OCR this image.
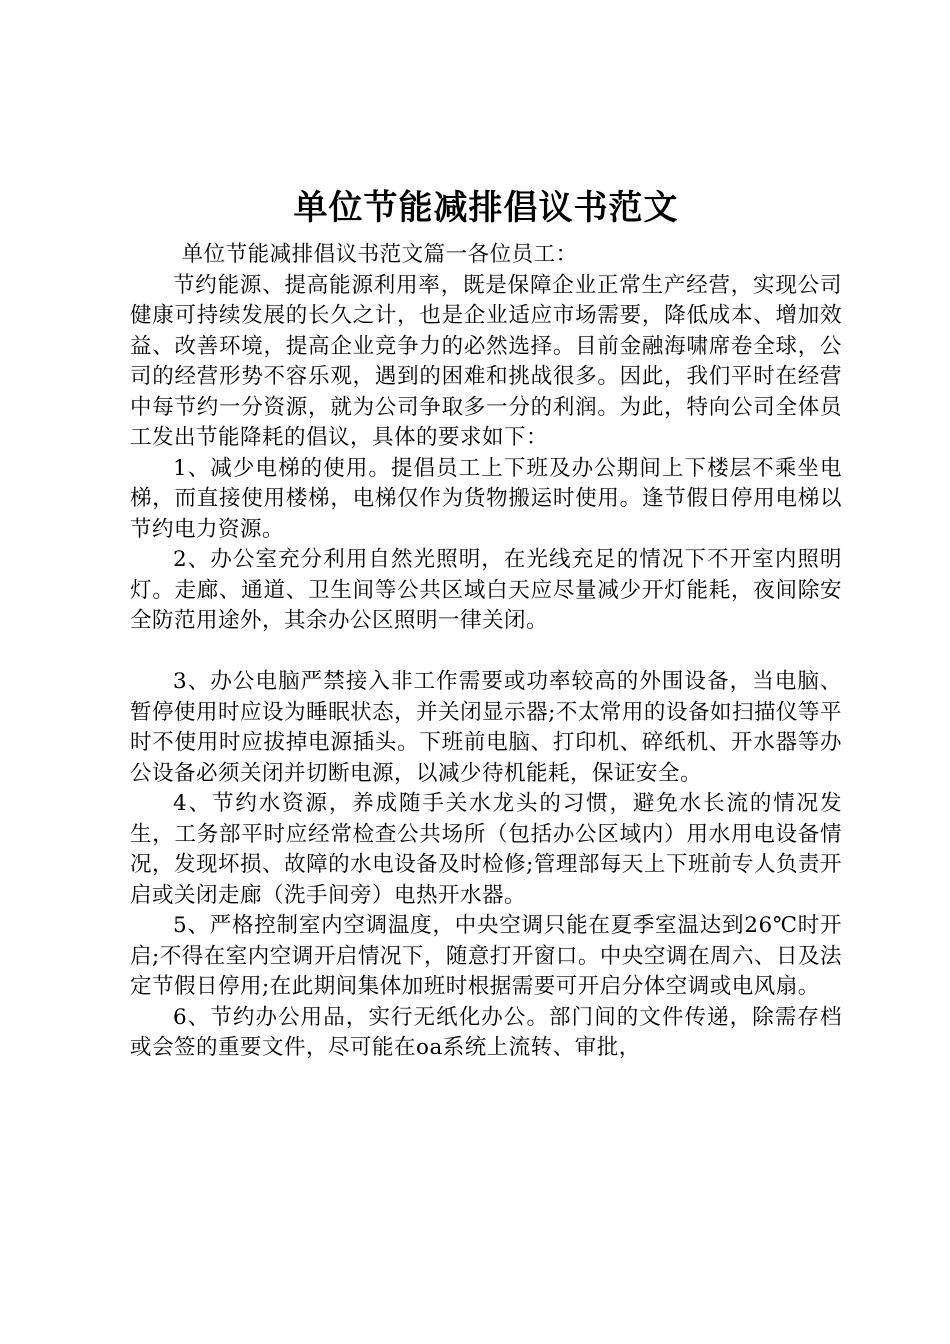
单位节能减排倡议书范文

单位节能减排倡议书范文篇一各位员工：

节约能源、提高能源利用率，既是保障企业正常生产经营，实现公司健康可持续发展的长久之计，也是企业适应市场需要，降低成本、增加效益、改善环境，提高企业竞争力的必然选择。目前金融海啸席卷全球，公司的经营形势不容乐观，遇到的困难和挑战很多。因此，我们平时在经营中每节约一分资源，就为公司争取多一分的利润。为此，特向公司全体员工发出节能降耗的倡议，具体的要求如下：

1、减少电梯的使用。提倡员工上下班及办公期间上下楼层不乘坐电梯，而直接使用楼梯，电梯仅作为货物搬运时使用。逢节假日停用电梯以节约电力资源。

2、办公室充分利用自然光照明，在光线充足的情况下不开室内照明灯。走廊、通道、卫生间等公共区域白天应尽量减少开灯能耗，夜间除安全防范用途外，其余办公区照明一律关闭。

3、办公电脑严禁接入非工作需要或功率较高的外围设备，当电脑、暂停使用时应设为睡眠状态，并关闭显示器;不太常用的设备如扫描仪等平时不使用时应拔掉电源插头。下班前电脑、打印机、碎纸机、开水器等办公设备必须关闭并切断电源，以减少待机能耗，保证安全。

4、节约水资源，养成随手关水龙头的习惯，避免水长流的情况发生，工务部平时应经常检查公共场所（包括办公区域内）用水用电设备情况，发现坏损、故障的水电设备及时检修;管理部每天上下班前专人负责开启或关闭走廊（洗手间旁）电热开水器。

5、严格控制室内空调温度，中央空调只能在夏季室温达到26℃时开启;不得在室内空调开启情况下，随意打开窗口。中央空调在周六、日及法定节假日停用;在此期间集体加班时根据需要可开启分体空调或电风扇。

6、节约办公用品，实行无纸化办公。部门间的文件传递，除需存档或会签的重要文件，尽可能在oa系统上流转、审批，
